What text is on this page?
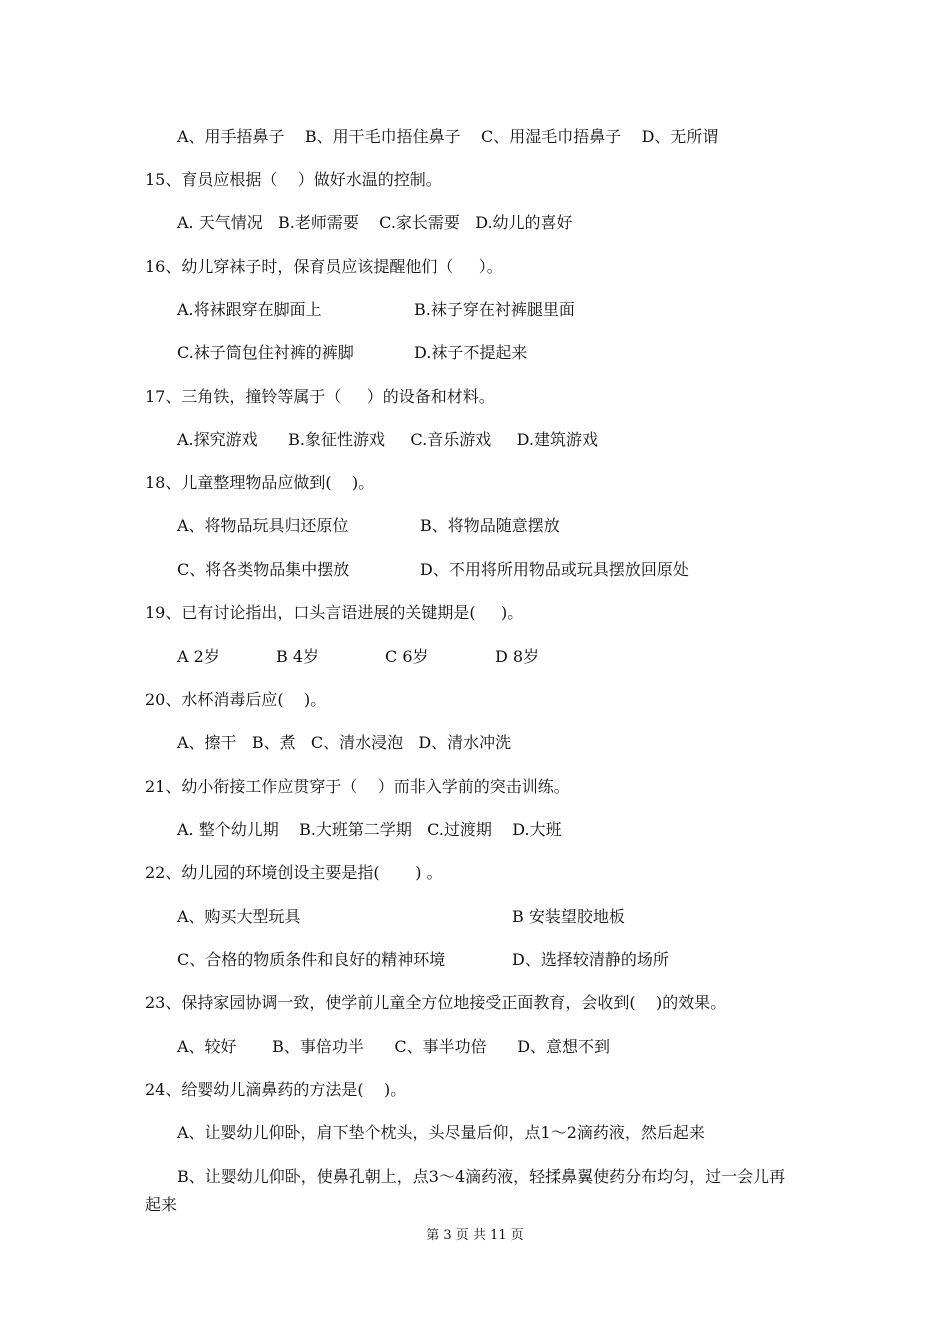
A、用手捂鼻子    B、用干毛巾捂住鼻子    C、用湿毛巾捂鼻子    D、无所谓
15、育员应根据（    ）做好水温的控制。
A. 天气情况   B.老师需要    C.家长需要   D.幼儿的喜好
16、幼儿穿袜子时，保育员应该提醒他们（     ）。
A.将袜跟穿在脚面上	B.袜子穿在衬裤腿里面
C.袜子筒包住衬裤的裤脚	D.袜子不提起来
17、三角铁，撞铃等属于（     ）的设备和材料。
A.探究游戏      B.象征性游戏     C.音乐游戏     D.建筑游戏
18、儿童整理物品应做到(    )。
A、将物品玩具归还原位	B、将物品随意摆放
C、将各类物品集中摆放	D、不用将所用物品或玩具摆放回原处
19、已有讨论指出，口头言语进展的关键期是(     )。
A 2岁	B 4岁	C 6岁	D 8岁
20、水杯消毒后应(    )。
A、擦干   B、煮   C、清水浸泡   D、清水冲洗
21、幼小衔接工作应贯穿于（    ）而非入学前的突击训练。
A. 整个幼儿期    B.大班第二学期   C.过渡期    D.大班
22、幼儿园的环境创设主要是指(       ) 。
A、购买大型玩具	B 安装望胶地板
C、合格的物质条件和良好的精神环境	D、选择较清静的场所
23、保持家园协调一致，使学前儿童全方位地接受正面教育，会收到(    )的效果。
A、较好       B、事倍功半      C、事半功倍      D、意想不到
24、给婴幼儿滴鼻药的方法是(    )。
A、让婴幼儿仰卧，肩下垫个枕头，头尽量后仰，点1～2滴药液，然后起来
B、让婴幼儿仰卧，使鼻孔朝上，点3～4滴药液，轻揉鼻翼使药分布均匀，过一会儿再
起来
第 3 页 共 11 页
